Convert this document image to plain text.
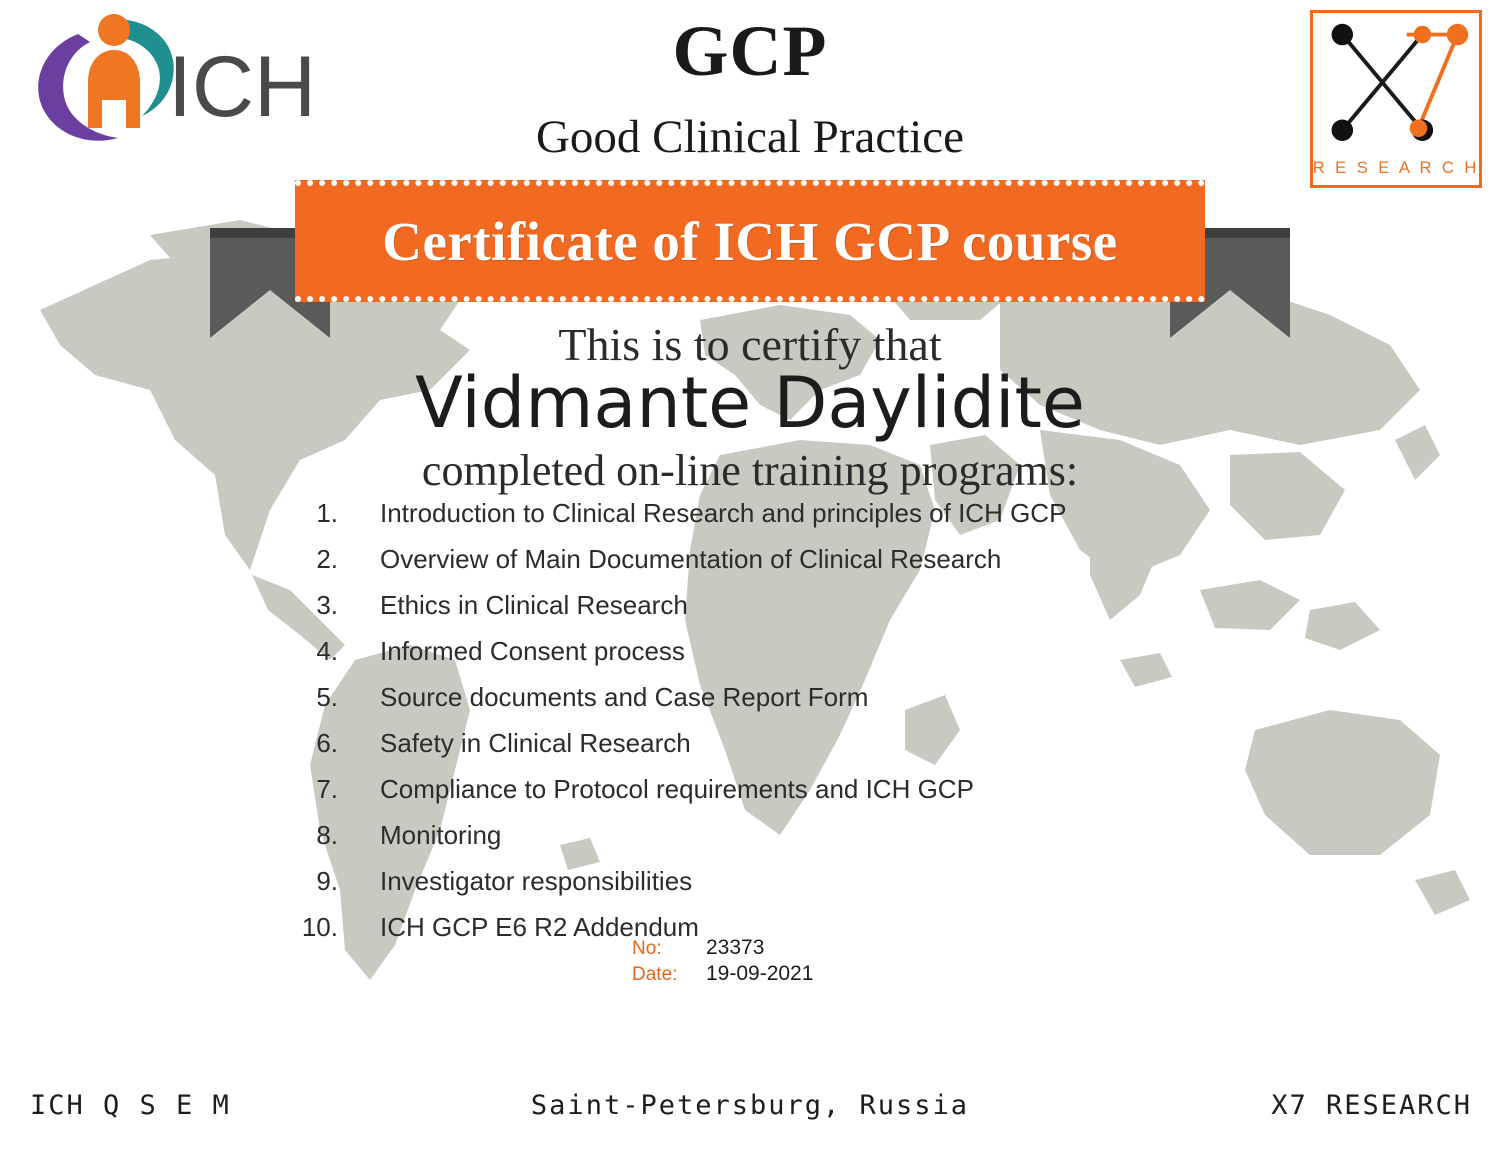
ICH
R E S E A R C H
GCP
Good Clinical Practice
Certificate of ICH GCP course
This is to certify that
Vidmante Daylidite
completed on-line training programs:
1.	Introduction to Clinical Research and principles of ICH GCP
2.	Overview of Main Documentation of Clinical Research
3.	Ethics in Clinical Research
4.	Informed Consent process
5.	Source documents and Case Report Form
6.	Safety in Clinical Research
7.	Compliance to Protocol requirements and ICH GCP
8.	Monitoring
9.	Investigator responsibilities
10.	ICH GCP E6 R2 Addendum
No:	23373
Date:	19-09-2021
ICH Q S E M	Saint-Petersburg, Russia	X7 RESEARCH
